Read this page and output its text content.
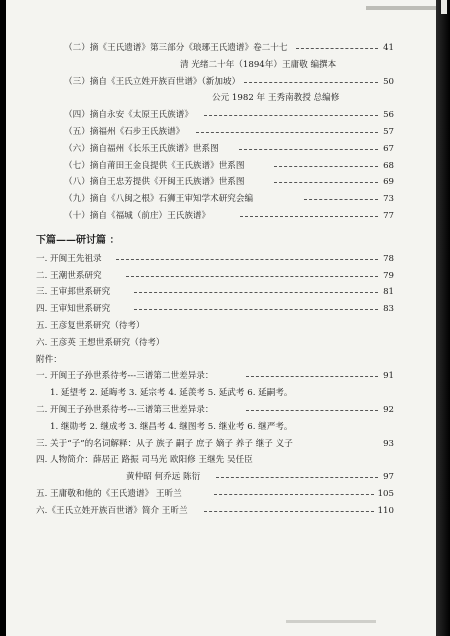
（二）摘《王氏遗谱》第三部分《琅琊王氏遗谱》卷二十七	41
清 光绪二十年（1894年）王庸敬 编撰本
（三）摘自《王氏立姓开族百世谱》（新加坡）	50
公元 1982 年 王秀南教授 总编修
（四）摘自永安《太原王氏族谱》	56
（五）摘福州《石步王氏族谱》	57
（六）摘自福州《长乐王氏族谱》世系图	67
（七）摘自莆田王金良提供《王氏族谱》世系图	68
（八）摘自王忠芳提供《开闽王氏族谱》世系图	69
（九）摘自《八闽之根》石狮王审知学术研究会编	73
（十）摘自《福城（前庄）王氏族谱》	77
下篇——研讨篇 ：
一. 开闽王先祖录	78
二. 王潮世系研究	79
三. 王审邽世系研究	81
四. 王审知世系研究	83
五. 王彦复世系研究（待考）
六. 王彦英 王想世系研究（待考）
附件：
一. 开闽王子孙世系待考---三谱第二世差异录：	91
1. 延望考 2. 延晦考 3. 延宗考 4. 延羡考 5. 延武考 6. 延嗣考。
二. 开闽王子孙世系待考---三谱第三世差异录：	92
1. 继勋考 2. 继成考 3. 继昌考 4. 继图考 5. 继业考 6. 继严考。
三. 关于“子”的名词解释：从子 族子 嗣子 庶子 嫡子 养子 继子 义子	93
四. 人物简介：薛居正 路振 司马光 欧阳修 王继先 吴任臣
黄仲昭 何乔远 陈衍	97
五. 王庸敬和他的《王氏遗谱》 王昕兰	105
六.《王氏立姓开族百世谱》简介 王昕兰	110
